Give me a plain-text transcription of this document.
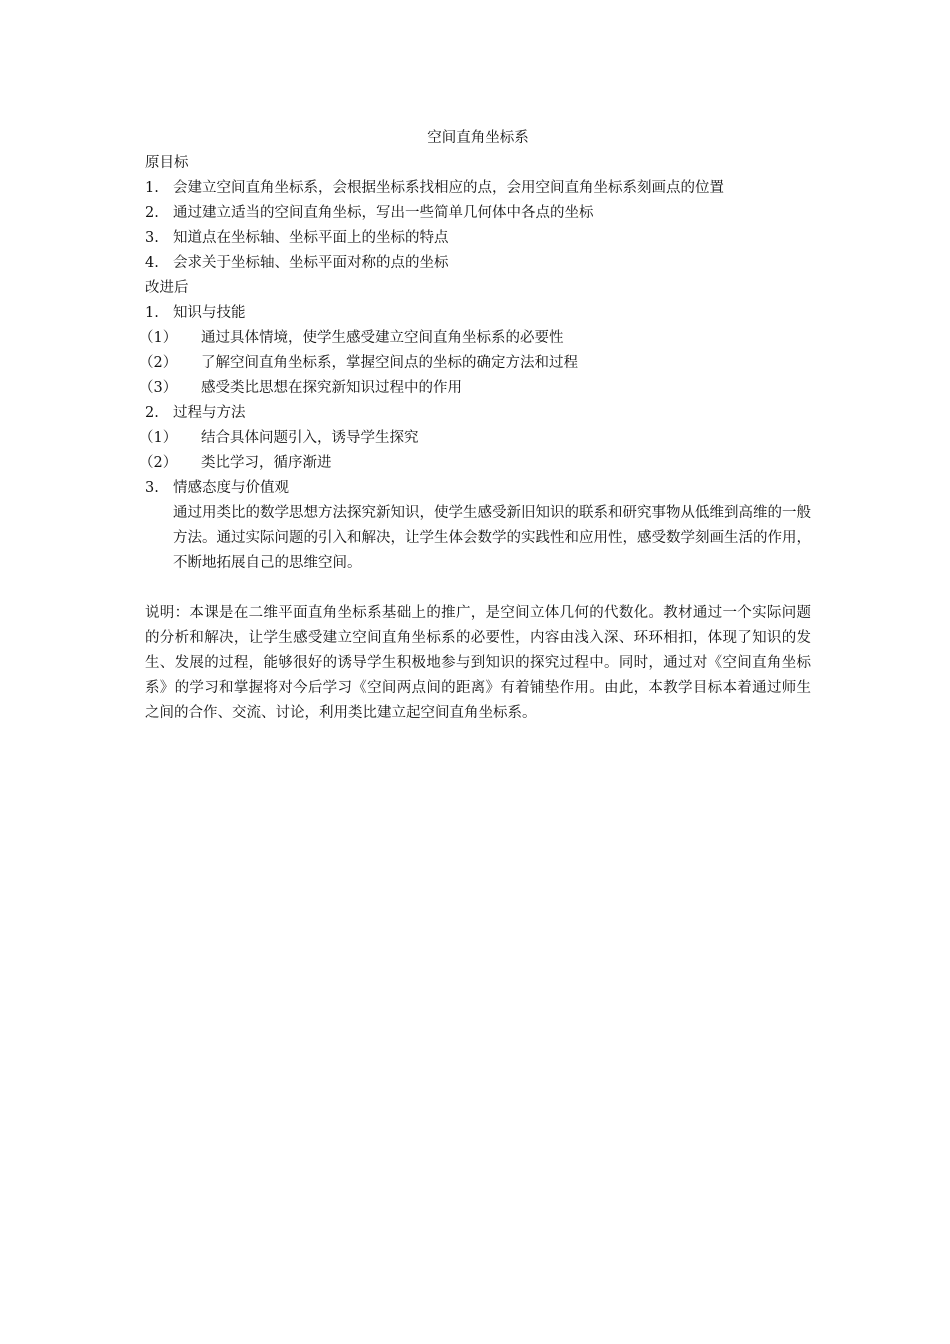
空间直角坐标系

原目标

1. 会建立空间直角坐标系，会根据坐标系找相应的点，会用空间直角坐标系刻画点的位置
2. 通过建立适当的空间直角坐标，写出一些简单几何体中各点的坐标
3. 知道点在坐标轴、坐标平面上的坐标的特点
4. 会求关于坐标轴、坐标平面对称的点的坐标

改进后

1. 知识与技能
（1）	通过具体情境，使学生感受建立空间直角坐标系的必要性
（2）	了解空间直角坐标系，掌握空间点的坐标的确定方法和过程
（3）	感受类比思想在探究新知识过程中的作用
2. 过程与方法
（1）	结合具体问题引入，诱导学生探究
（2）	类比学习，循序渐进
3. 情感态度与价值观

通过用类比的数学思想方法探究新知识，使学生感受新旧知识的联系和研究事物从低维到高维的一般方法。通过实际问题的引入和解决，让学生体会数学的实践性和应用性，感受数学刻画生活的作用，不断地拓展自己的思维空间。

说明：本课是在二维平面直角坐标系基础上的推广，是空间立体几何的代数化。教材通过一个实际问题的分析和解决，让学生感受建立空间直角坐标系的必要性，内容由浅入深、环环相扣，体现了知识的发生、发展的过程，能够很好的诱导学生积极地参与到知识的探究过程中。同时，通过对《空间直角坐标系》的学习和掌握将对今后学习《空间两点间的距离》有着铺垫作用。由此，本教学目标本着通过师生之间的合作、交流、讨论，利用类比建立起空间直角坐标系。
